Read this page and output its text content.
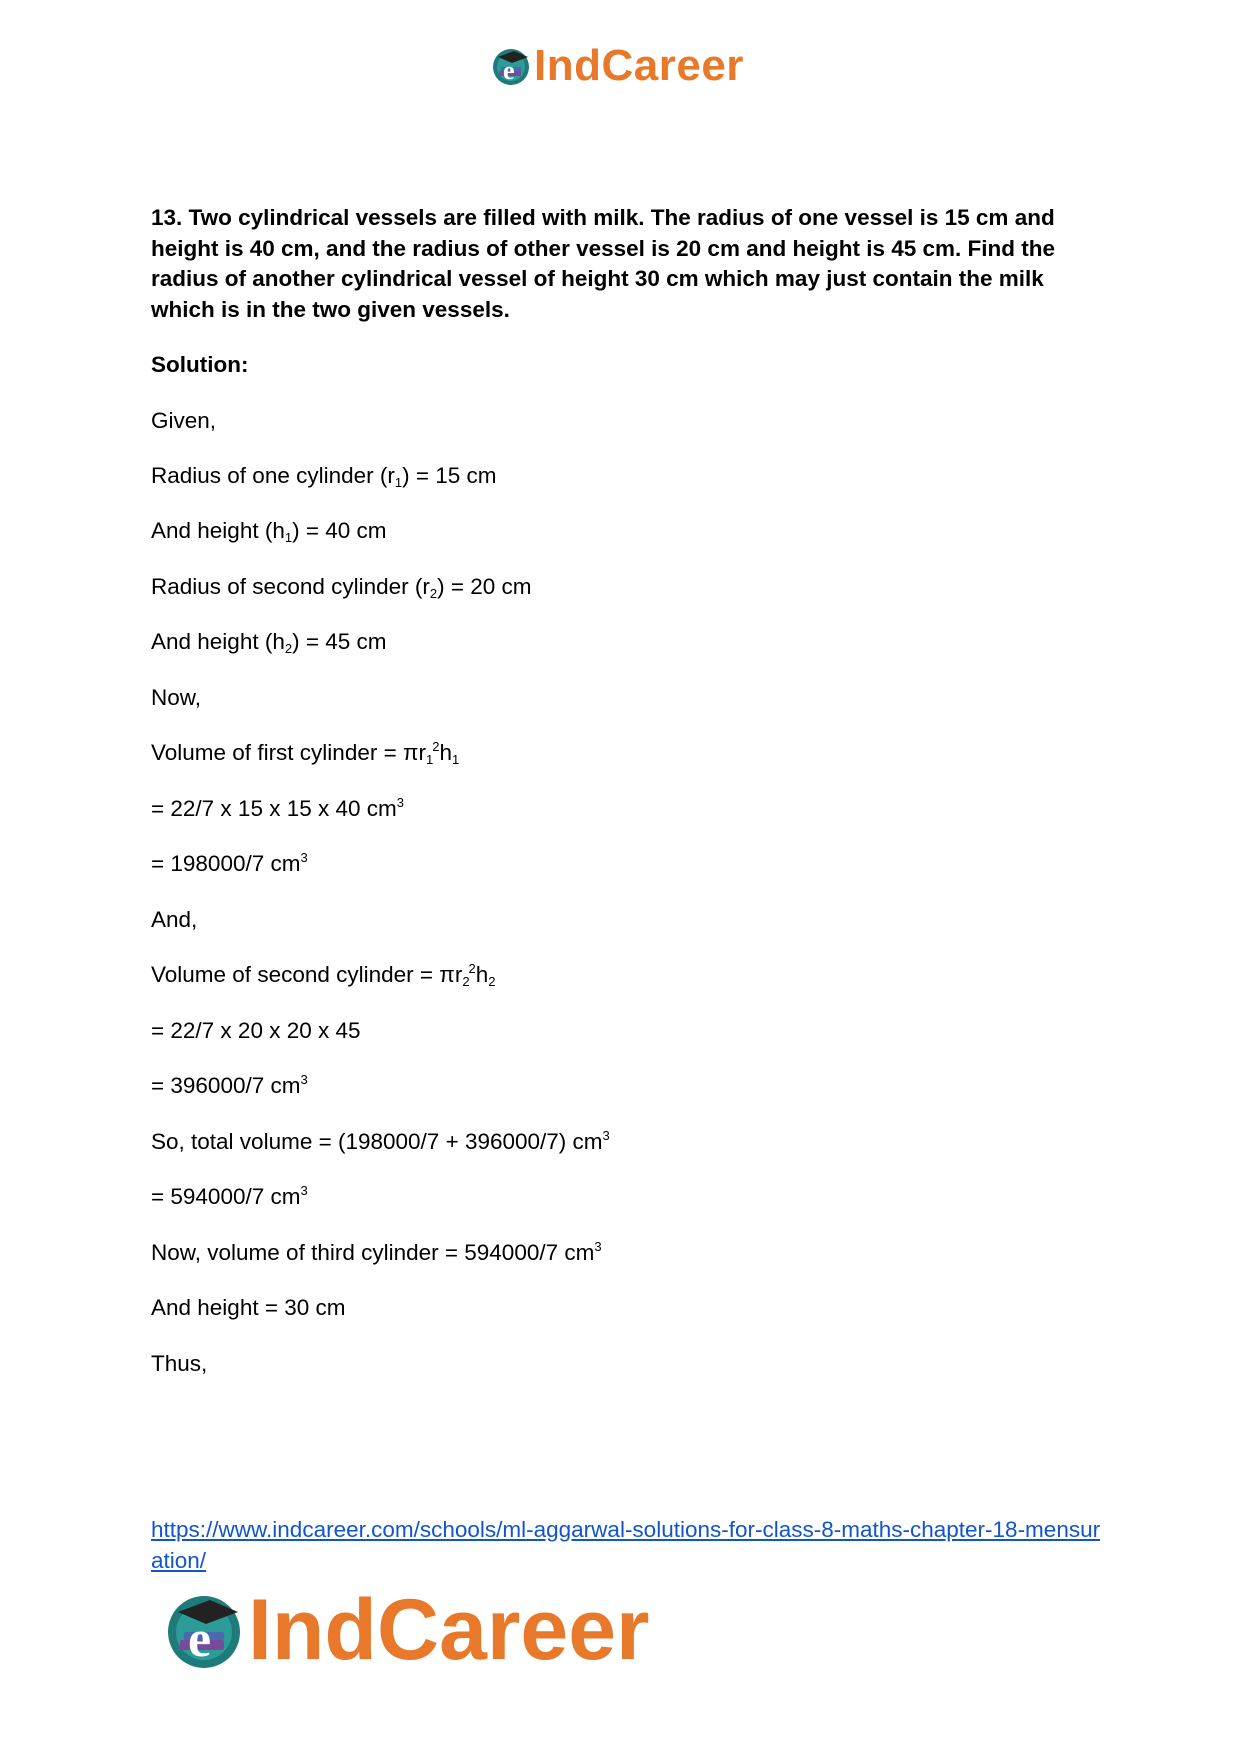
e IndCareer

13. Two cylindrical vessels are filled with milk. The radius of one vessel is 15 cm and height is 40 cm, and the radius of other vessel is 20 cm and height is 45 cm. Find the radius of another cylindrical vessel of height 30 cm which may just contain the milk which is in the two given vessels.

Solution:

Given,
Radius of one cylinder $(r_1) = 15$ cm
And height $(h_1) = 40$ cm
Radius of second cylinder $(r_2) = 20$ cm
And height $(h_2) = 45$ cm
Now,
Volume of first cylinder = $\pi r_1^2h_1$
= 22/7 x 15 x 15 x 40 $cm^3$
= 198000/7 $cm^3$
And,
Volume of second cylinder = $\pi r_2^2h_2$
= 22/7 x 20 x 20 x 45
= 396000/7 $cm^3$
So, total volume = (198000/7 + 396000/7) $cm^3$
= 594000/7 $cm^3$
Now, volume of third cylinder = 594000/7 $cm^3$
And height = 30 cm
Thus,
https://www.indcareer.com/schools/ml-aggarwal-solutions-for-class-8-maths-chapter-18-mensuration/
e IndCareer
